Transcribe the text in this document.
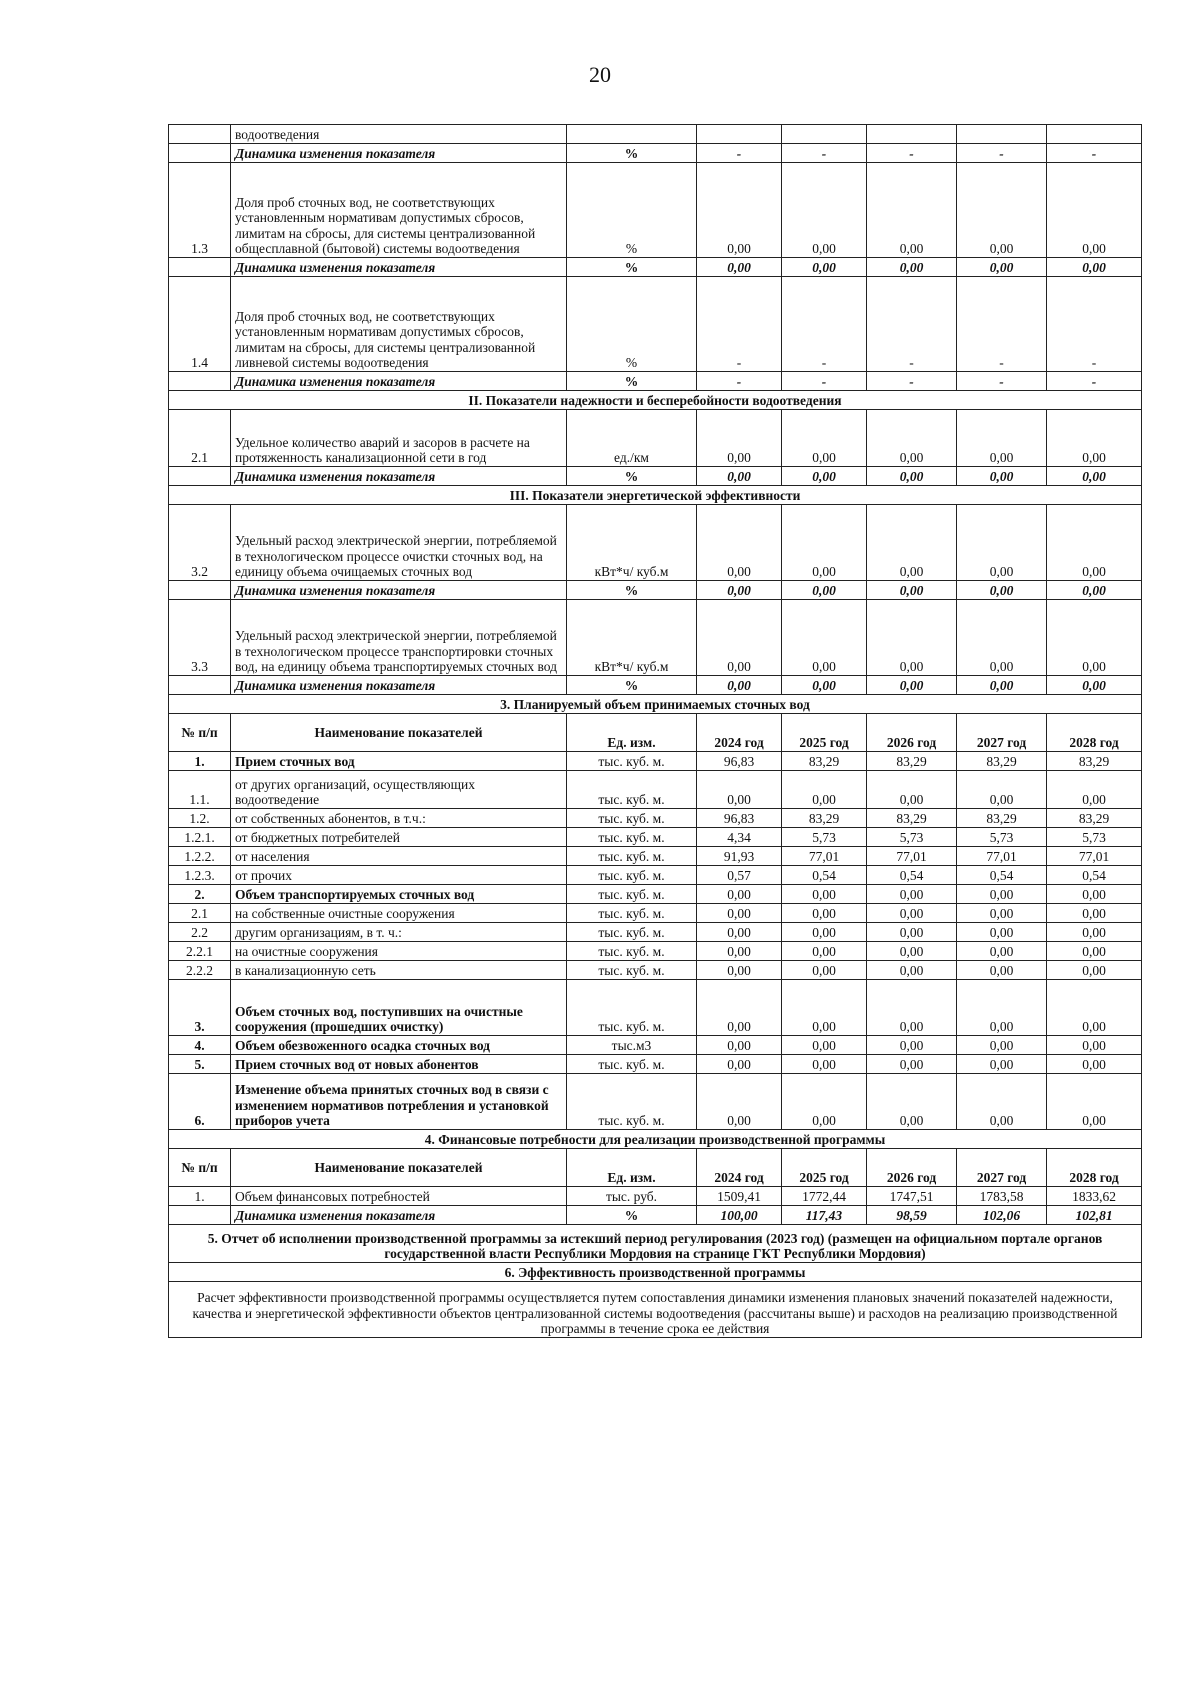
20
	водоотведения						
	Динамика изменения показателя	%	-	-	-	-	-
1.3	Доля проб сточных вод, не соответствующих установленным нормативам допустимых сбросов, лимитам на сбросы, для системы централизованной общесплавной (бытовой) системы водоотведения	%	0,00	0,00	0,00	0,00	0,00
	Динамика изменения показателя	%	0,00	0,00	0,00	0,00	0,00
1.4	Доля проб сточных вод, не соответствующих установленным нормативам допустимых сбросов, лимитам на сбросы, для системы централизованной ливневой системы водоотведения	%	-	-	-	-	-
	Динамика изменения показателя	%	-	-	-	-	-
II. Показатели надежности и бесперебойности водоотведения							
2.1	Удельное количество аварий и засоров в расчете на протяженность канализационной сети в год	ед./км	0,00	0,00	0,00	0,00	0,00
	Динамика изменения показателя	%	0,00	0,00	0,00	0,00	0,00
III. Показатели энергетической эффективности							
3.2	Удельный расход электрической энергии, потребляемой в технологическом процессе очистки сточных вод, на единицу объема очищаемых сточных вод	кВт*ч/ куб.м	0,00	0,00	0,00	0,00	0,00
	Динамика изменения показателя	%	0,00	0,00	0,00	0,00	0,00
3.3	Удельный расход электрической энергии, потребляемой в технологическом процессе транспортировки сточных вод, на единицу объема транспортируемых сточных вод	кВт*ч/ куб.м	0,00	0,00	0,00	0,00	0,00
	Динамика изменения показателя	%	0,00	0,00	0,00	0,00	0,00
3. Планируемый объем принимаемых сточных вод							
№ п/п	Наименование показателей	Ед. изм.	2024 год	2025 год	2026 год	2027 год	2028 год
1.	Прием сточных вод	тыс. куб. м.	96,83	83,29	83,29	83,29	83,29
1.1.	от других организаций, осуществляющих водоотведение	тыс. куб. м.	0,00	0,00	0,00	0,00	0,00
1.2.	от собственных абонентов, в т.ч.:	тыс. куб. м.	96,83	83,29	83,29	83,29	83,29
1.2.1.	от бюджетных потребителей	тыс. куб. м.	4,34	5,73	5,73	5,73	5,73
1.2.2.	от населения	тыс. куб. м.	91,93	77,01	77,01	77,01	77,01
1.2.3.	от прочих	тыс. куб. м.	0,57	0,54	0,54	0,54	0,54
2.	Объем транспортируемых сточных вод	тыс. куб. м.	0,00	0,00	0,00	0,00	0,00
2.1	на собственные очистные сооружения	тыс. куб. м.	0,00	0,00	0,00	0,00	0,00
2.2	другим организациям, в т. ч.:	тыс. куб. м.	0,00	0,00	0,00	0,00	0,00
2.2.1	на очистные сооружения	тыс. куб. м.	0,00	0,00	0,00	0,00	0,00
2.2.2	в канализационную сеть	тыс. куб. м.	0,00	0,00	0,00	0,00	0,00
3.	Объем сточных вод, поступивших на очистные сооружения (прошедших очистку)	тыс. куб. м.	0,00	0,00	0,00	0,00	0,00
4.	Объем обезвоженного осадка сточных вод	тыс.м3	0,00	0,00	0,00	0,00	0,00
5.	Прием сточных вод от новых абонентов	тыс. куб. м.	0,00	0,00	0,00	0,00	0,00
6.	Изменение объема принятых сточных вод в связи с изменением нормативов потребления и установкой приборов учета	тыс. куб. м.	0,00	0,00	0,00	0,00	0,00
4. Финансовые потребности для реализации производственной программы							
№ п/п	Наименование показателей	Ед. изм.	2024 год	2025 год	2026 год	2027 год	2028 год
1.	Объем финансовых потребностей	тыс. руб.	1509,41	1772,44	1747,51	1783,58	1833,62
	Динамика изменения показателя	%	100,00	117,43	98,59	102,06	102,81
5. Отчет об исполнении производственной программы за истекший период регулирования (2023 год) (размещен на официальном портале органов государственной власти Республики Мордовия на странице ГКТ Республики Мордовия)							
6. Эффективность производственной программы							
Расчет эффективности производственной программы осуществляется путем сопоставления динамики изменения плановых значений показателей надежности, качества и энергетической эффективности объектов централизованной системы водоотведения (рассчитаны выше) и расходов на реализацию производственной программы в течение срока ее действия							
